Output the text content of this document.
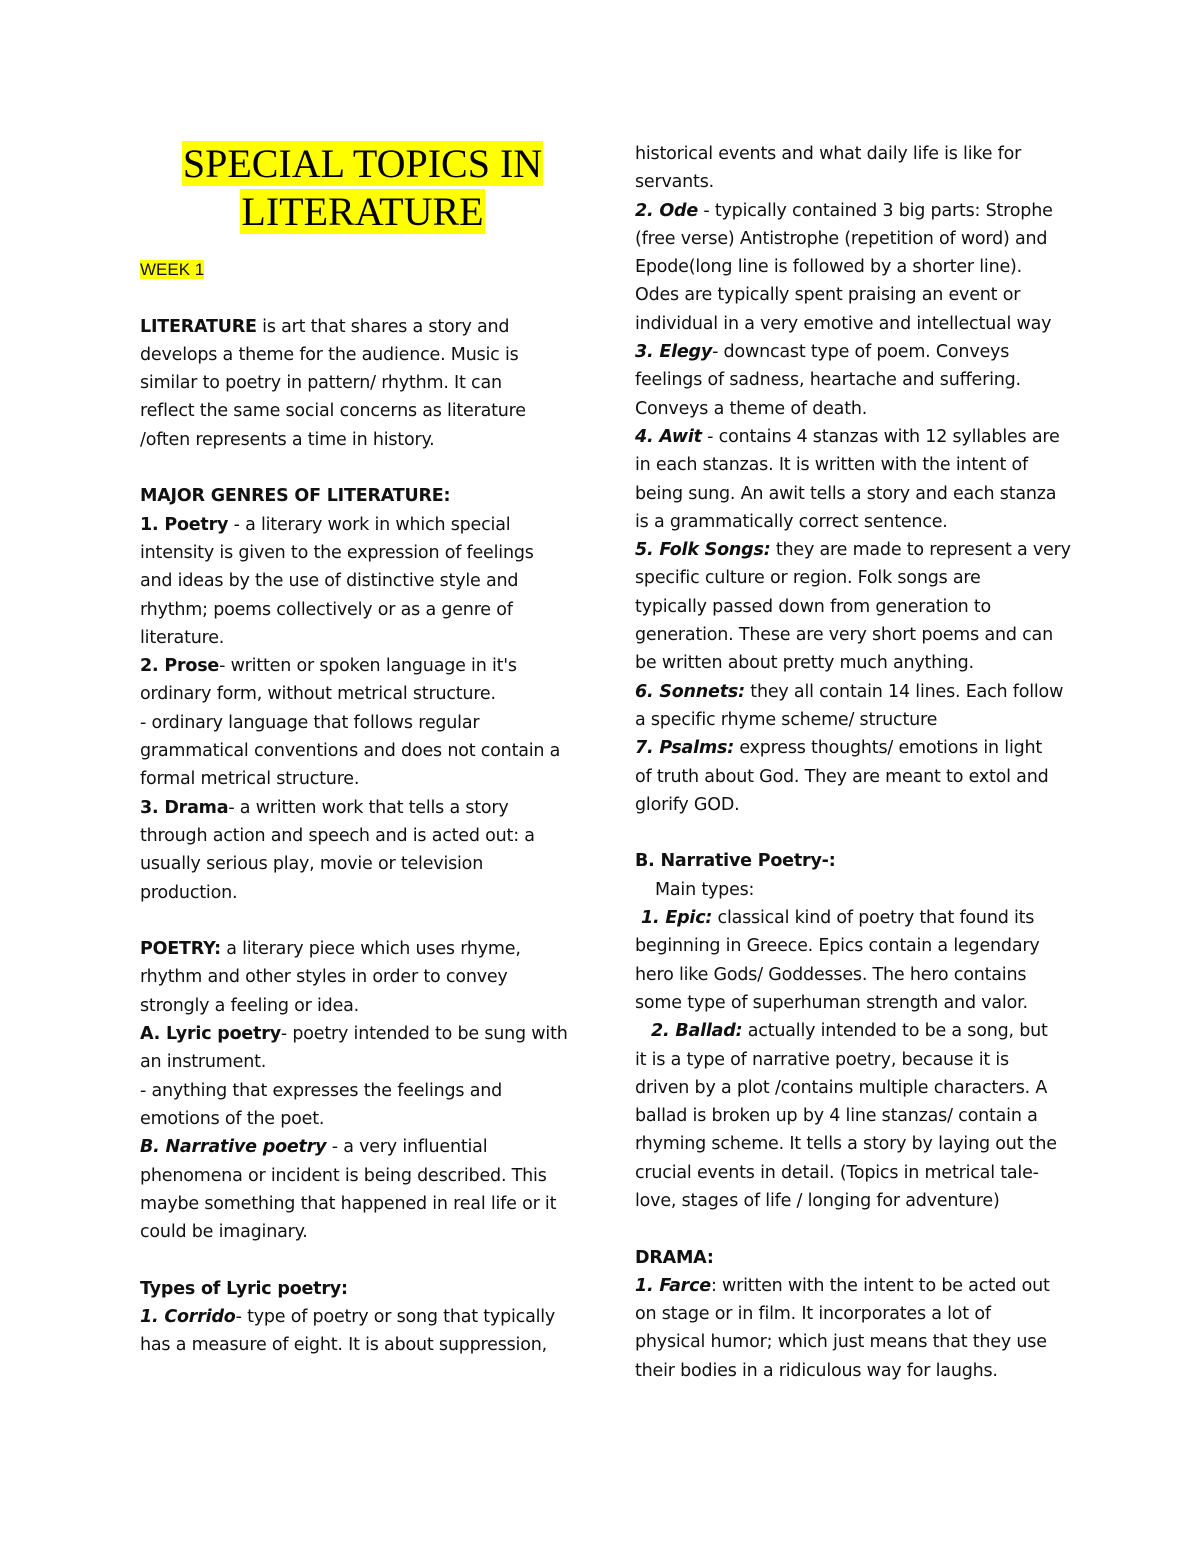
SPECIAL TOPICS IN
LITERATURE
WEEK 1
LITERATURE is art that shares a story and
develops a theme for the audience. Music is
similar to poetry in pattern/ rhythm. It can
reflect the same social concerns as literature
/often represents a time in history.
MAJOR GENRES OF LITERATURE:
1. Poetry - a literary work in which special
intensity is given to the expression of feelings
and ideas by the use of distinctive style and
rhythm; poems collectively or as a genre of
literature.
2. Prose- written or spoken language in it's
ordinary form, without metrical structure.
- ordinary language that follows regular
grammatical conventions and does not contain a
formal metrical structure.
3. Drama- a written work that tells a story
through action and speech and is acted out: a
usually serious play, movie or television
production.
POETRY: a literary piece which uses rhyme,
rhythm and other styles in order to convey
strongly a feeling or idea.
A. Lyric poetry- poetry intended to be sung with
an instrument.
- anything that expresses the feelings and
emotions of the poet.
B. Narrative poetry - a very influential
phenomena or incident is being described. This
maybe something that happened in real life or it
could be imaginary.
Types of Lyric poetry:
1. Corrido- type of poetry or song that typically
has a measure of eight. It is about suppression,
historical events and what daily life is like for
servants.
2. Ode - typically contained 3 big parts: Strophe
(free verse) Antistrophe (repetition of word) and
Epode(long line is followed by a shorter line).
Odes are typically spent praising an event or
individual in a very emotive and intellectual way
3. Elegy- downcast type of poem. Conveys
feelings of sadness, heartache and suffering.
Conveys a theme of death.
4. Awit - contains 4 stanzas with 12 syllables are
in each stanzas. It is written with the intent of
being sung. An awit tells a story and each stanza
is a grammatically correct sentence.
5. Folk Songs: they are made to represent a very
specific culture or region. Folk songs are
typically passed down from generation to
generation. These are very short poems and can
be written about pretty much anything.
6. Sonnets: they all contain 14 lines. Each follow
a specific rhyme scheme/ structure
7. Psalms: express thoughts/ emotions in light
of truth about God. They are meant to extol and
glorify GOD.
B. Narrative Poetry-:
Main types:
1. Epic: classical kind of poetry that found its
beginning in Greece. Epics contain a legendary
hero like Gods/ Goddesses. The hero contains
some type of superhuman strength and valor.
2. Ballad: actually intended to be a song, but
it is a type of narrative poetry, because it is
driven by a plot /contains multiple characters. A
ballad is broken up by 4 line stanzas/ contain a
rhyming scheme. It tells a story by laying out the
crucial events in detail. (Topics in metrical tale-
love, stages of life / longing for adventure)
DRAMA:
1. Farce: written with the intent to be acted out
on stage or in film. It incorporates a lot of
physical humor; which just means that they use
their bodies in a ridiculous way for laughs.
